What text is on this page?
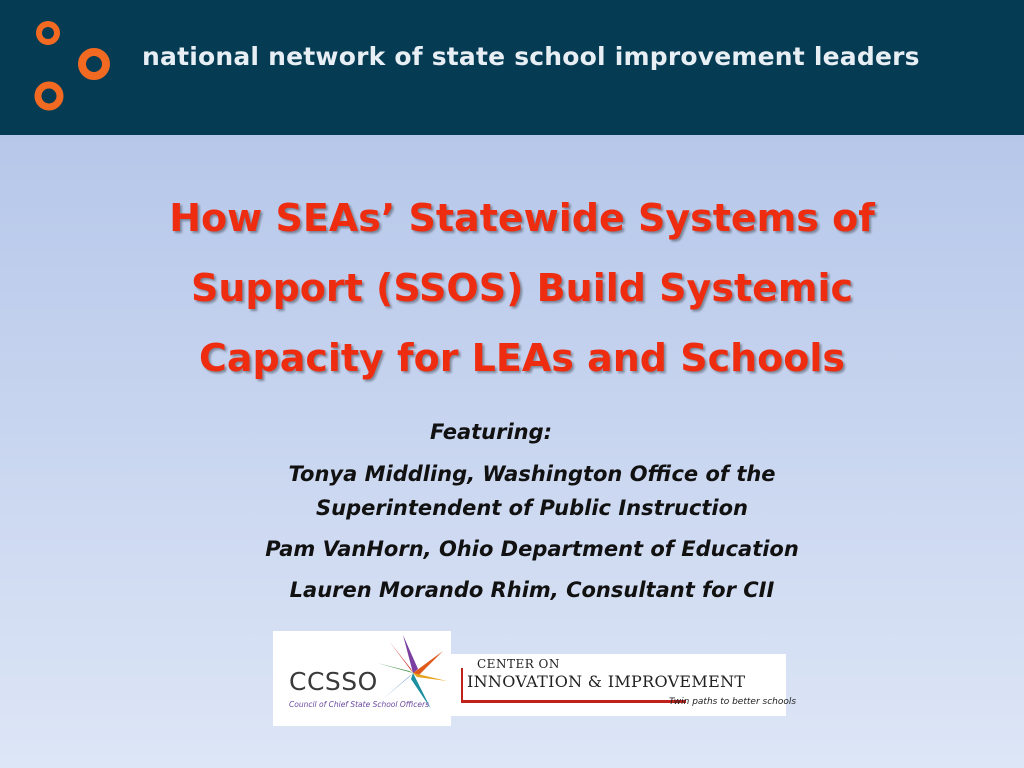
national network of state school improvement leaders
How SEAs’ Statewide Systems of
Support (SSOS) Build Systemic
Capacity for LEAs and Schools
Featuring:
Tonya Middling, Washington Office of the
Superintendent of Public Instruction
Pam VanHorn, Ohio Department of Education
Lauren Morando Rhim, Consultant for CII
CCSSO
Council of Chief State School Officers
CENTER ON
INNOVATION & IMPROVEMENT
Twin paths to better schools
